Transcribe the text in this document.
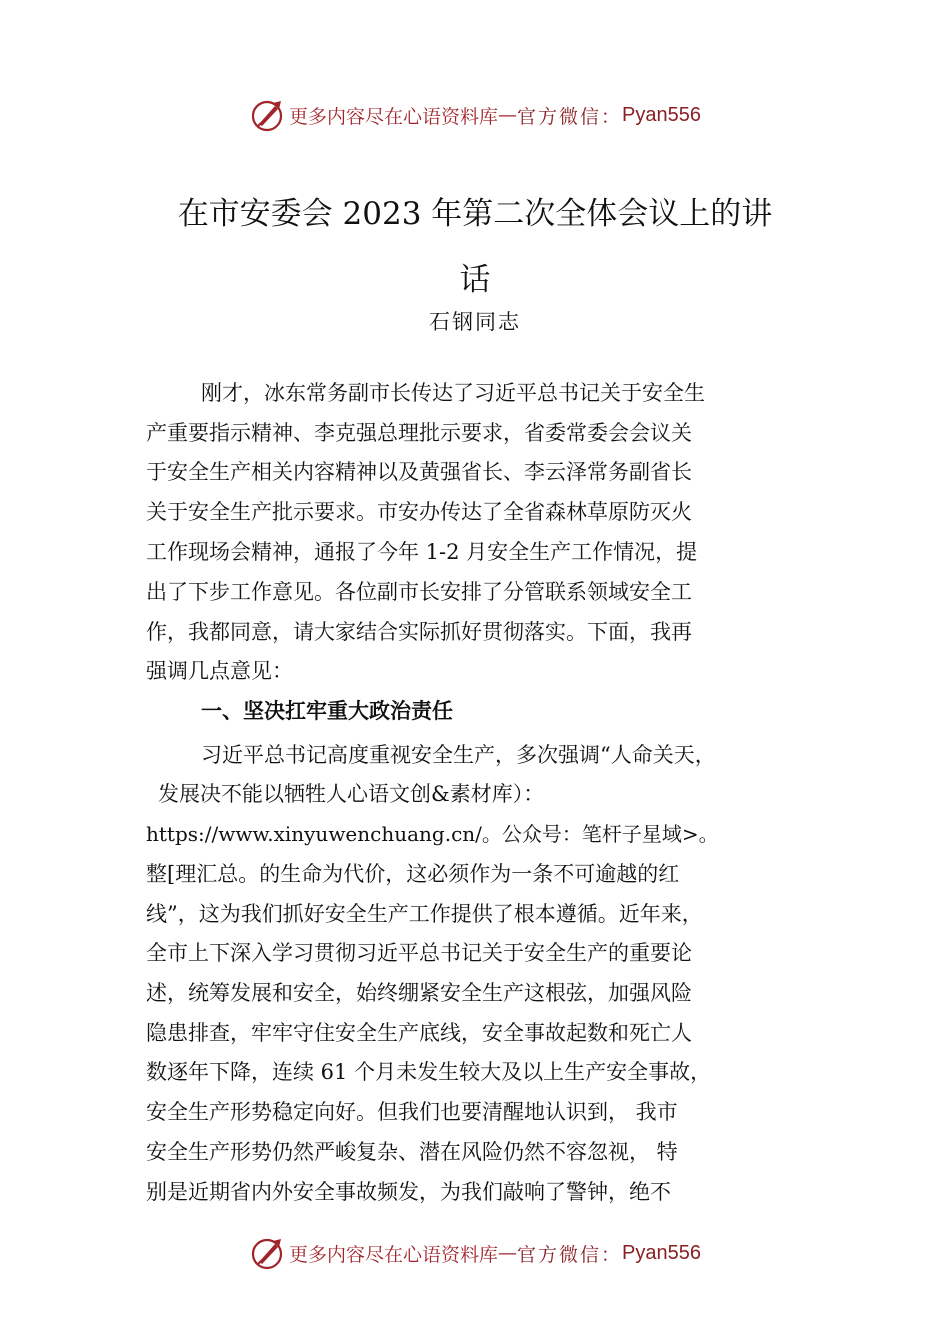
更多内容尽在心语资料库 — 官方微信： Pyan556
在市安委会 2023 年第二次全体会议上的讲
话
石钢同志
刚才，冰东常务副市长传达了习近平总书记关于安全生
产重要指示精神、李克强总理批示要求，省委常委会会议关
于安全生产相关内容精神以及黄强省长、李云泽常务副省长
关于安全生产批示要求。市安办传达了全省森林草原防灭火
工作现场会精神，通报了今年 1-2 月安全生产工作情况，提
出了下步工作意见。各位副市长安排了分管联系领域安全工
作，我都同意，请大家结合实际抓好贯彻落实。下面，我再
强调几点意见：
一、坚决扛牢重大政治责任
习近平总书记高度重视安全生产，多次强调“人命关天，
发展决不能以牺牲人心语文创&素材库）：
https://www.xinyuwenchuang.cn/。公众号：笔杆子星域>。
整[理汇总。的生命为代价，这必须作为一条不可逾越的红
线”，这为我们抓好安全生产工作提供了根本遵循。近年来，
全市上下深入学习贯彻习近平总书记关于安全生产的重要论
述，统筹发展和安全，始终绷紧安全生产这根弦，加强风险
隐患排查，牢牢守住安全生产底线，安全事故起数和死亡人
数逐年下降，连续 61 个月未发生较大及以上生产安全事故，
安全生产形势稳定向好。但我们也要清醒地认识到， 我市
安全生产形势仍然严峻复杂、潜在风险仍然不容忽视， 特
别是近期省内外安全事故频发，为我们敲响了警钟，绝不
更多内容尽在心语资料库 — 官方微信： Pyan556
